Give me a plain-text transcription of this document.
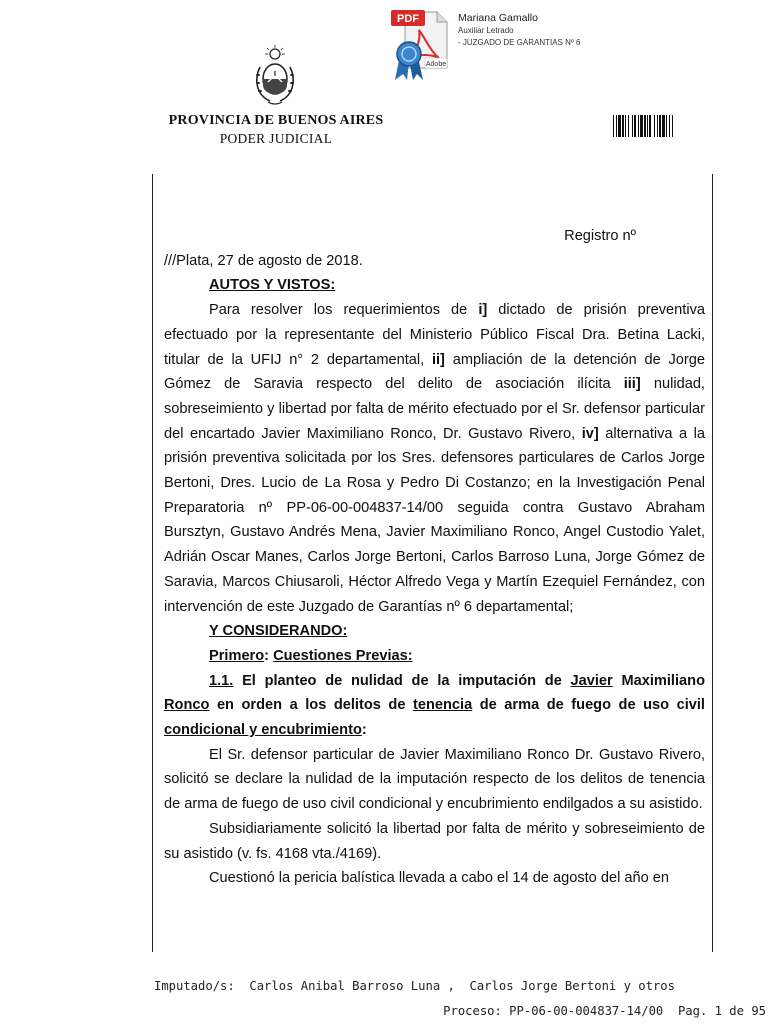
PDF
Adobe
Mariana Gamallo
Auxiliar Letrado
- JUZGADO DE GARANTIAS Nº 6
PROVINCIA DE BUENOS AIRES
PODER JUDICIAL

Registro nº

///Plata, 27 de agosto de 2018.

AUTOS Y VISTOS:

Para resolver los requerimientos de i] dictado de prisión preventiva efectuado por la representante del Ministerio Público Fiscal Dra. Betina Lacki, titular de la UFIJ n° 2 departamental, ii] ampliación de la detención de Jorge Gómez de Saravia respecto del delito de asociación ilícita iii] nulidad, sobreseimiento y libertad por falta de mérito efectuado por el Sr. defensor particular del encartado Javier Maximiliano Ronco, Dr. Gustavo Rivero, iv] alternativa a la prisión preventiva solicitada por los Sres. defensores particulares de Carlos Jorge Bertoni, Dres. Lucio de La Rosa y Pedro Di Costanzo; en la Investigación Penal Preparatoria nº PP-06-00-004837-14/00 seguida contra Gustavo Abraham Bursztyn, Gustavo Andrés Mena, Javier Maximiliano Ronco, Angel Custodio Yalet, Adrián Oscar Manes, Carlos Jorge Bertoni, Carlos Barroso Luna, Jorge Gómez de Saravia, Marcos Chiusaroli, Héctor Alfredo Vega y Martín Ezequiel Fernández, con intervención de este Juzgado de Garantías nº 6 departamental;

Y CONSIDERANDO:

Primero: Cuestiones Previas:

1.1. El planteo de nulidad de la imputación de Javier Maximiliano Ronco en orden a los delitos de tenencia de arma de fuego de uso civil condicional y encubrimiento:

El Sr. defensor particular de Javier Maximiliano Ronco Dr. Gustavo Rivero, solicitó se declare la nulidad de la imputación respecto de los delitos de tenencia de arma de fuego de uso civil condicional y encubrimiento endilgados a su asistido.

Subsidiariamente solicitó la libertad por falta de mérito y sobreseimiento de su asistido (v. fs. 4168 vta./4169).

Cuestionó la pericia balística llevada a cabo el 14 de agosto del año en

Imputado/s:  Carlos Anibal Barroso Luna ,  Carlos Jorge Bertoni y otros
Proceso: PP-06-00-004837-14/00  Pag. 1 de 95
